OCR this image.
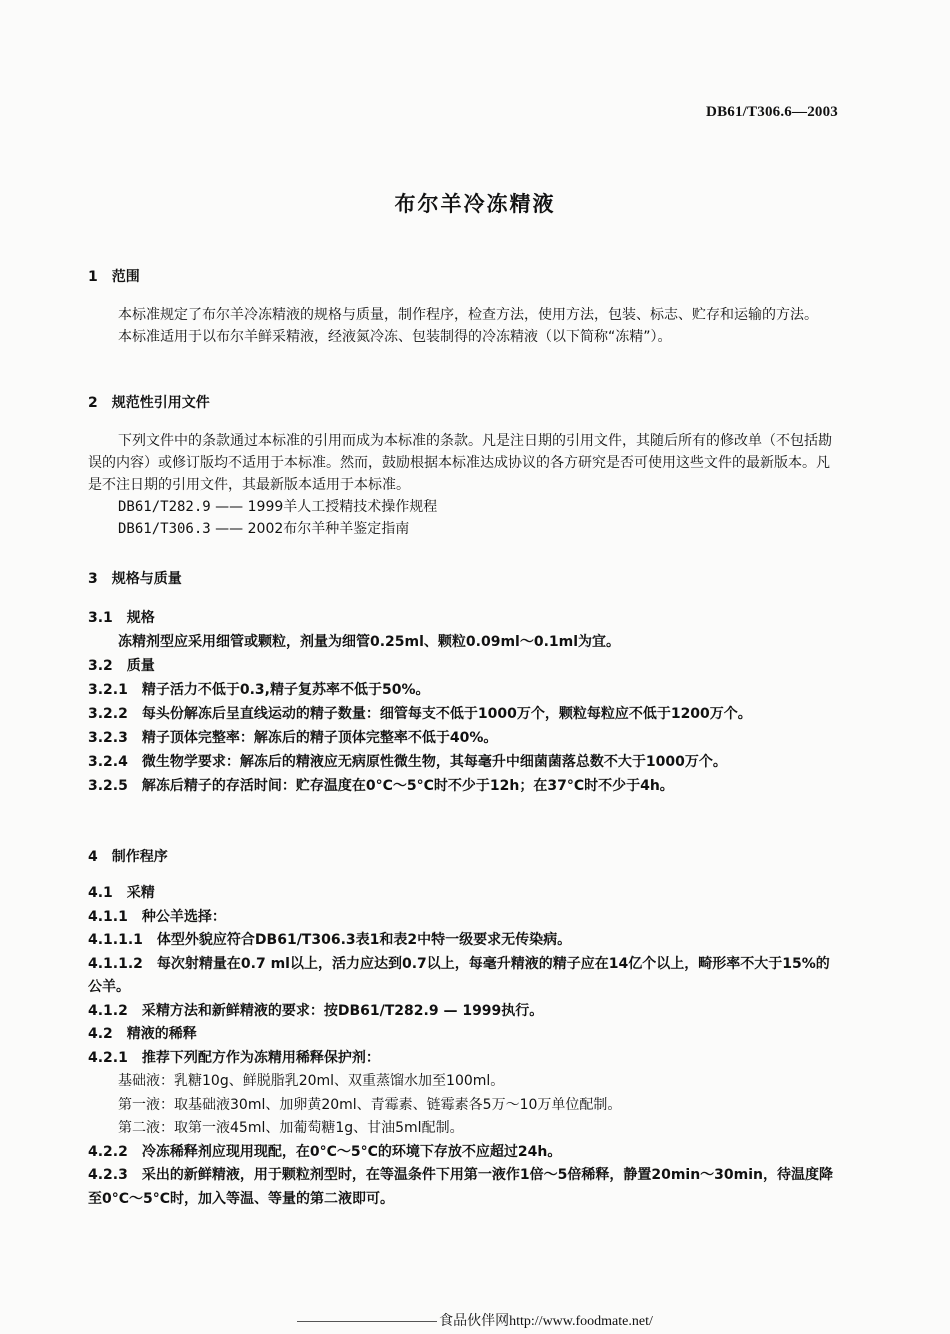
DB61/T306.6—2003
布尔羊冷冻精液
1　范围
本标准规定了布尔羊冷冻精液的规格与质量，制作程序，检查方法，使用方法，包装、标志、贮存和运输的方法。
本标准适用于以布尔羊鲜采精液，经液氮冷冻、包装制得的冷冻精液（以下简称“冻精”）。
2　规范性引用文件
下列文件中的条款通过本标准的引用而成为本标准的条款。凡是注日期的引用文件，其随后所有的修改单（不包括勘误的内容）或修订版均不适用于本标准。然而，鼓励根据本标准达成协议的各方研究是否可使用这些文件的最新版本。凡是不注日期的引用文件，其最新版本适用于本标准。
DB61/T282.9 —— 1999羊人工授精技术操作规程
DB61/T306.3 —— 2002布尔羊种羊鉴定指南
3　规格与质量
3.1　规格
冻精剂型应采用细管或颗粒，剂量为细管0.25ml、颗粒0.09ml～0.1ml为宜。
3.2　质量
3.2.1　精子活力不低于0.3,精子复苏率不低于50%。
3.2.2　每头份解冻后呈直线运动的精子数量：细管每支不低于1000万个，颗粒每粒应不低于1200万个。
3.2.3　精子顶体完整率：解冻后的精子顶体完整率不低于40%。
3.2.4　微生物学要求：解冻后的精液应无病原性微生物，其每毫升中细菌菌落总数不大于1000万个。
3.2.5　解冻后精子的存活时间：贮存温度在0°C～5°C时不少于12h；在37°C时不少于4h。
4　制作程序
4.1　采精
4.1.1　种公羊选择：
4.1.1.1　体型外貌应符合DB61/T306.3表1和表2中特一级要求无传染病。
4.1.1.2　每次射精量在0.7 ml以上，活力应达到0.7以上，每毫升精液的精子应在14亿个以上，畸形率不大于15%的公羊。
4.1.2　采精方法和新鲜精液的要求：按DB61/T282.9 — 1999执行。
4.2　精液的稀释
4.2.1　推荐下列配方作为冻精用稀释保护剂：
基础液：乳糖10g、鲜脱脂乳20ml、双重蒸馏水加至100ml。
第一液：取基础液30ml、加卵黄20ml、青霉素、链霉素各5万～10万单位配制。
第二液：取第一液45ml、加葡萄糖1g、甘油5ml配制。
4.2.2　冷冻稀释剂应现用现配，在0°C～5°C的环境下存放不应超过24h。
4.2.3　采出的新鲜精液，用于颗粒剂型时，在等温条件下用第一液作1倍～5倍稀释，静置20min～30min，待温度降至0°C～5°C时，加入等温、等量的第二液即可。
食品伙伴网http://www.foodmate.net/
